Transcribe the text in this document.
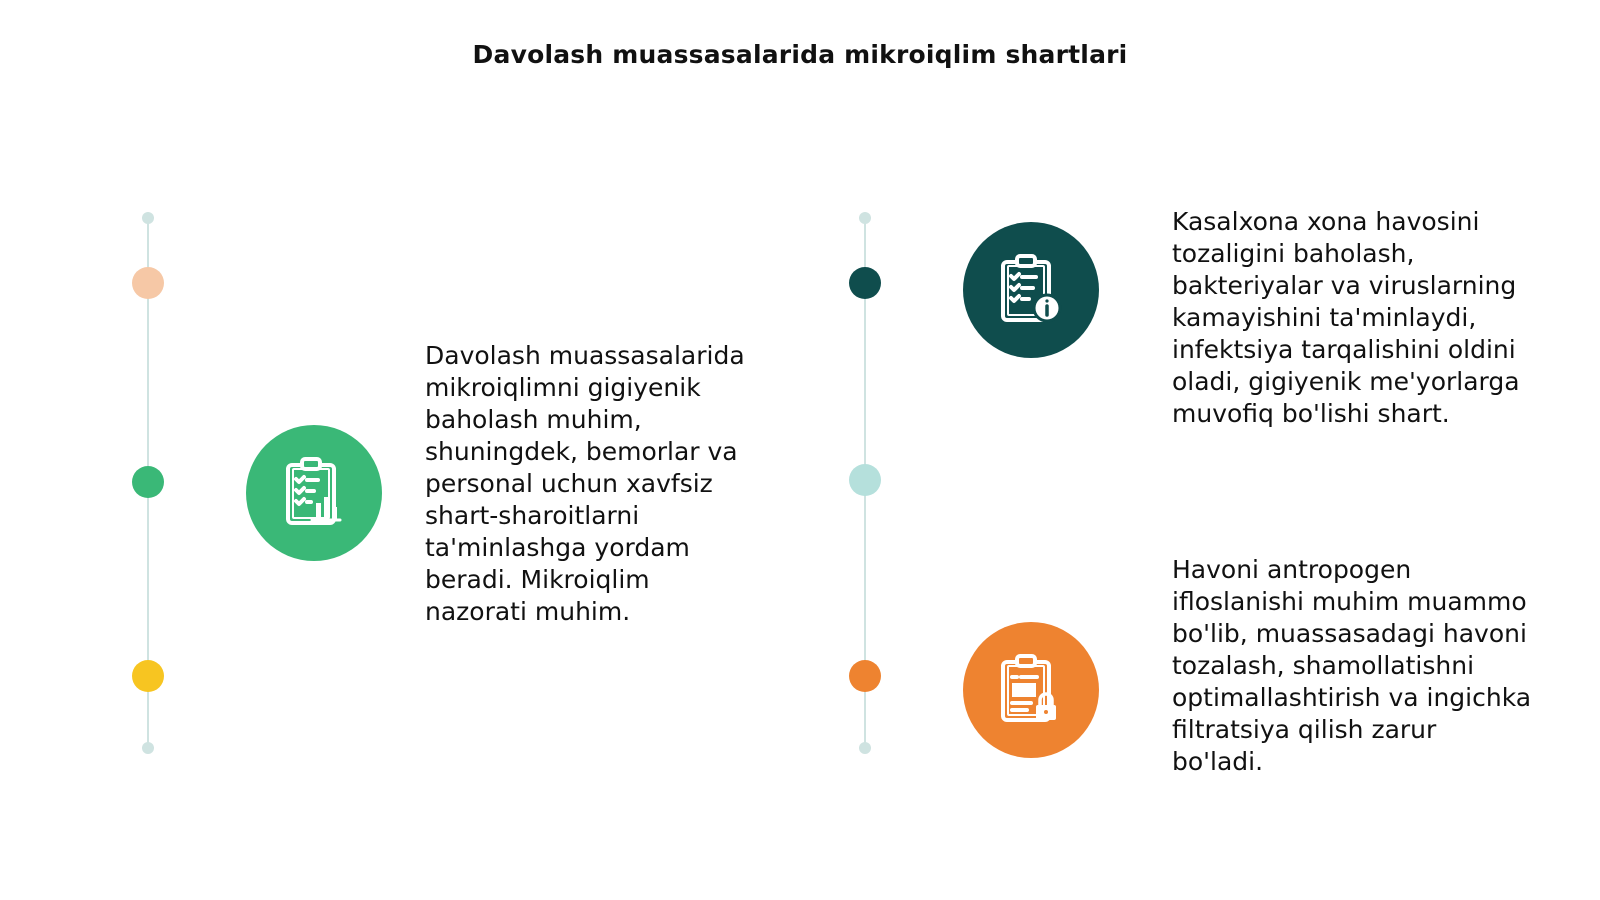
Davolash muassasalarida mikroiqlim shartlari
Davolash muassasalarida mikroiqlimni gigiyenik baholash muhim, shuningdek, bemorlar va personal uchun xavfsiz shart-sharoitlarni ta'minlashga yordam beradi. Mikroiqlim nazorati muhim.
Kasalxona xona havosini tozaligini baholash, bakteriyalar va viruslarning kamayishini ta'minlaydi, infektsiya tarqalishini oldini oladi, gigiyenik me'yorlarga muvofiq bo'lishi shart.
Havoni antropogen ifloslanishi muhim muammo bo'lib, muassasadagi havoni tozalash, shamollatishni optimallashtirish va ingichka filtratsiya qilish zarur bo'ladi.
